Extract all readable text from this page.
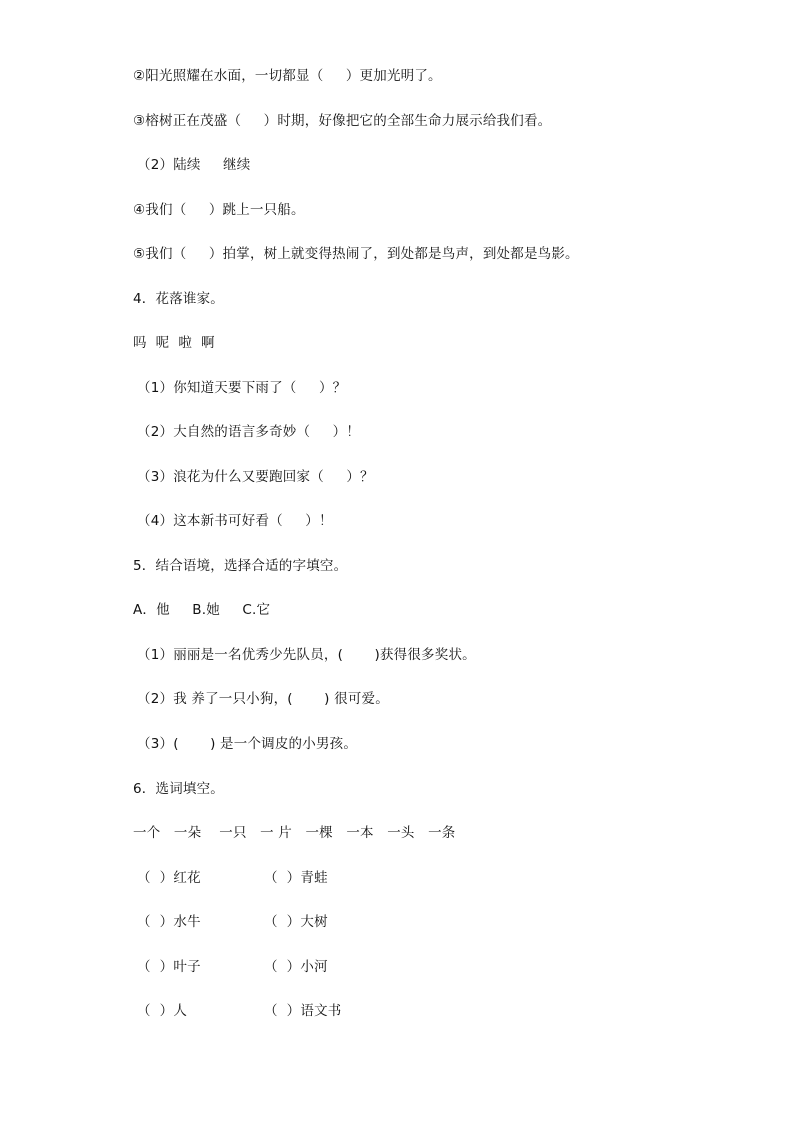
②阳光照耀在水面，一切都显（     ）更加光明了。
③榕树正在茂盛（     ）时期，好像把它的全部生命力展示给我们看。
（2）陆续     继续
④我们（     ）跳上一只船。
⑤我们（     ）拍掌，树上就变得热闹了，到处都是鸟声，到处都是鸟影。
4．花落谁家。
吗  呢  啦  啊
（1）你知道天要下雨了（     ）？
（2）大自然的语言多奇妙（     ）！
（3）浪花为什么又要跑回家（     ）？
（4）这本新书可好看（     ）！
5．结合语境，选择合适的字填空。
A．他     B.她     C.它
（1）丽丽是一名优秀少先队员，(       )获得很多奖状。
（2）我 养了一只小狗，(       ) 很可爱。
（3）(       ) 是一个调皮的小男孩。
6．选词填空。
一个   一朵    一只   一 片   一棵   一本   一头   一条
（  ）红花	（  ）青蛙
（  ）水牛	（  ）大树
（  ）叶子	（  ）小河
（  ）人	（  ）语文书
